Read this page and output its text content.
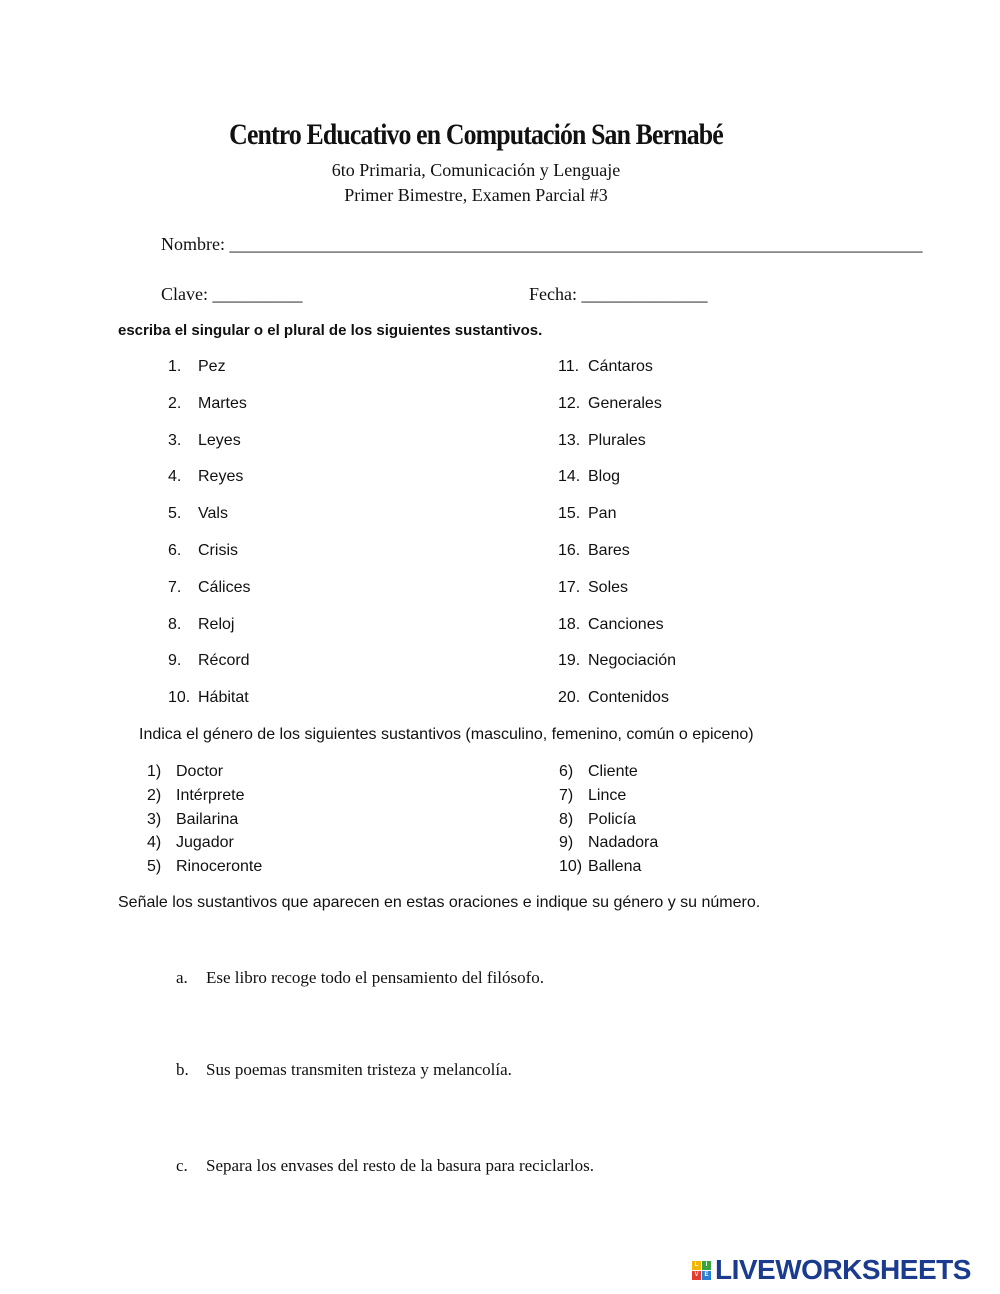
Centro Educativo en Computación San Bernabé
6to Primaria, Comunicación y Lenguaje
Primer Bimestre, Examen Parcial #3
Nombre: _____________________________________________________________________________
Clave: __________	Fecha: ______________
escriba el singular o el plural de los siguientes sustantivos.
1.	Pez
2.	Martes
3.	Leyes
4.	Reyes
5.	Vals
6.	Crisis
7.	Cálices
8.	Reloj
9.	Récord
10. Hábitat
11. Cántaros
12. Generales
13. Plurales
14. Blog
15. Pan
16. Bares
17. Soles
18. Canciones
19. Negociación
20. Contenidos
Indica el género de los siguientes sustantivos (masculino, femenino, común o epiceno)
1) Doctor
2) Intérprete
3) Bailarina
4) Jugador
5) Rinoceronte
6) Cliente
7) Lince
8) Policía
9) Nadadora
10) Ballena
Señale los sustantivos que aparecen en estas oraciones e indique su género y su número.
a.	Ese libro recoge todo el pensamiento del filósofo.
b.	Sus poemas transmiten tristeza y melancolía.
c.	Separa los envases del resto de la basura para reciclarlos.
L	I
V E LIVEWORKSHEETS
